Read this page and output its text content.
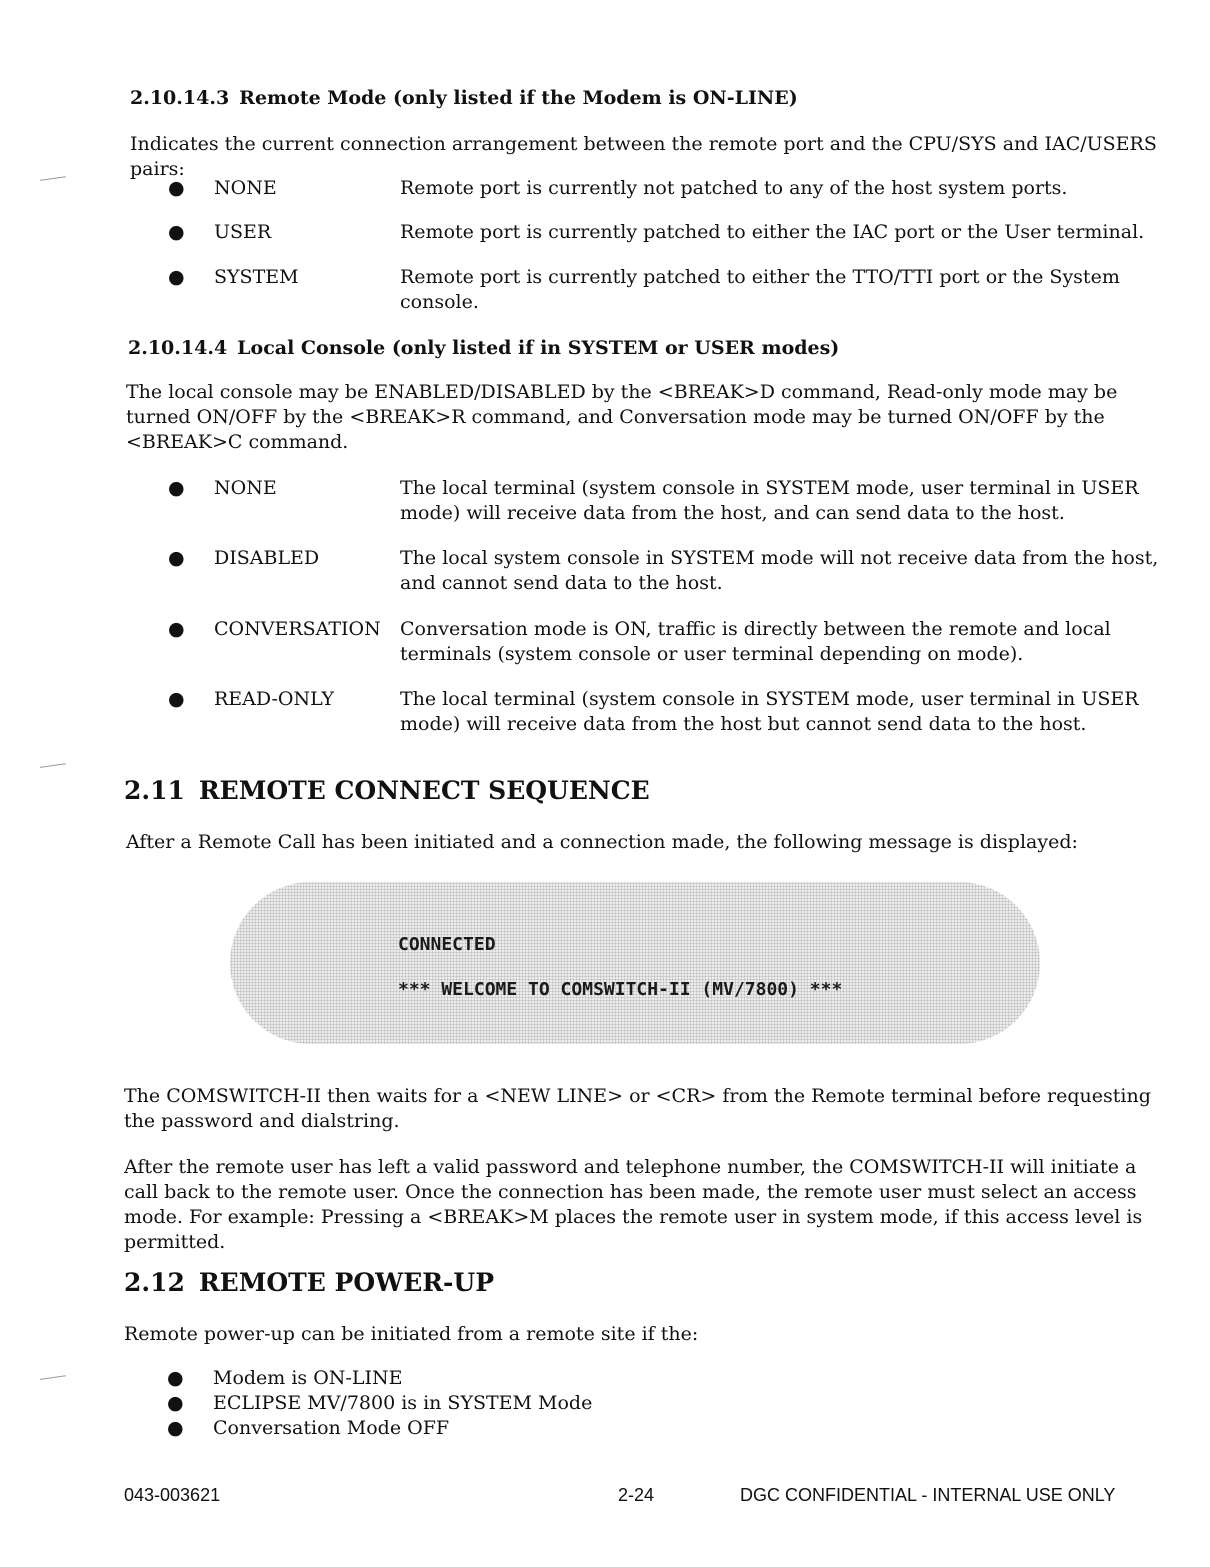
2.10.14.3 Remote Mode (only listed if the Modem is ON-LINE)
Indicates the current connection arrangement between the remote port and the CPU/SYS and IAC/USERS pairs:
● NONE	Remote port is currently not patched to any of the host system ports.
● USER	Remote port is currently patched to either the IAC port or the User terminal.
● SYSTEM	Remote port is currently patched to either the TTO/TTI port or the System console.
2.10.14.4 Local Console (only listed if in SYSTEM or USER modes)
The local console may be ENABLED/DISABLED by the <BREAK>D command, Read-only mode may be turned ON/OFF by the <BREAK>R command, and Conversation mode may be turned ON/OFF by the <BREAK>C command.
● NONE	The local terminal (system console in SYSTEM mode, user terminal in USER mode) will receive data from the host, and can send data to the host.
● DISABLED	The local system console in SYSTEM mode will not receive data from the host, and cannot send data to the host.
● CONVERSATION Conversation mode is ON, traffic is directly between the remote and local terminals (system console or user terminal depending on mode).
● READ-ONLY	The local terminal (system console in SYSTEM mode, user terminal in USER mode) will receive data from the host but cannot send data to the host.
2.11 REMOTE CONNECT SEQUENCE
After a Remote Call has been initiated and a connection made, the following message is displayed:
CONNECTED
*** WELCOME TO COMSWITCH-II (MV/7800) ***
The COMSWITCH-II then waits for a <NEW LINE> or <CR> from the Remote terminal before requesting the password and dialstring.
After the remote user has left a valid password and telephone number, the COMSWITCH-II will initiate a call back to the remote user. Once the connection has been made, the remote user must select an access mode. For example: Pressing a <BREAK>M places the remote user in system mode, if this access level is permitted.
2.12 REMOTE POWER-UP
Remote power-up can be initiated from a remote site if the:
● Modem is ON-LINE
● ECLIPSE MV/7800 is in SYSTEM Mode
● Conversation Mode OFF
043-003621	2-24	DGC CONFIDENTIAL - INTERNAL USE ONLY
